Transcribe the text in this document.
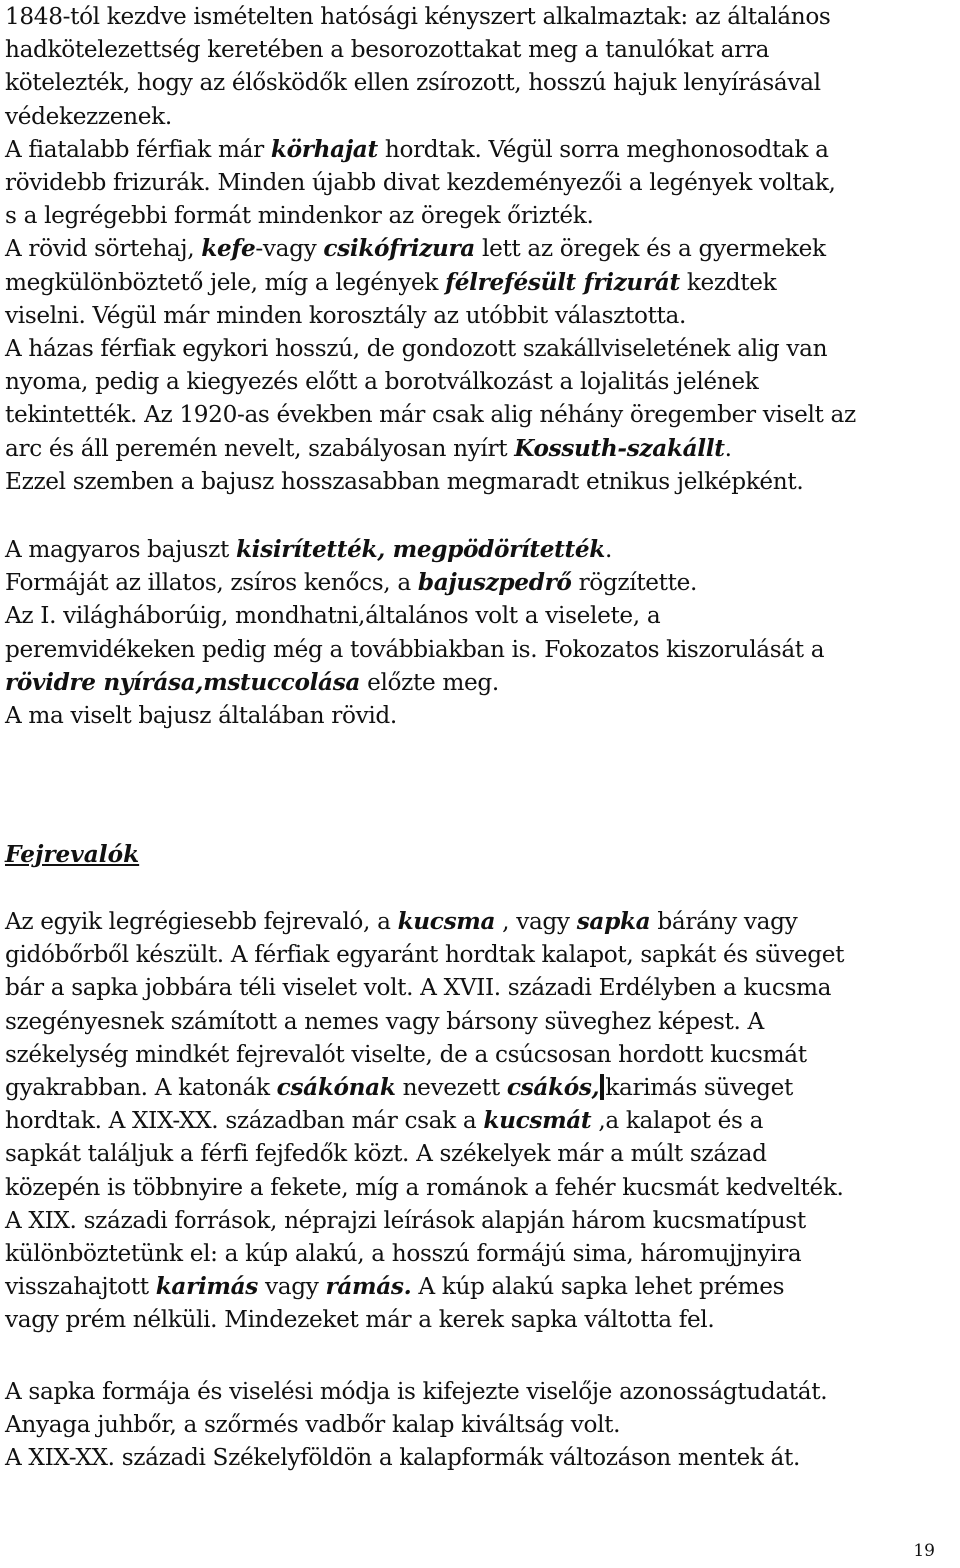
1848-tól kezdve ismételten hatósági kényszert alkalmaztak: az általános
hadkötelezettség keretében a besorozottakat meg a tanulókat arra
kötelezték, hogy az élősködők ellen zsírozott, hosszú hajuk lenyírásával
védekezzenek.
A fiatalabb férfiak már körhajat hordtak. Végül sorra meghonosodtak a
rövidebb frizurák. Minden újabb divat kezdeményezői a legények voltak,
s a legrégebbi formát mindenkor az öregek őrizték.
A rövid sörtehaj, kefe-vagy csikófrizura lett az öregek és a gyermekek
megkülönböztető jele, míg a legények félrefésült frizurát kezdtek
viselni. Végül már minden korosztály az utóbbit választotta.
A házas férfiak egykori hosszú, de gondozott szakállviseletének alig van
nyoma, pedig a kiegyezés előtt a borotválkozást a lojalitás jelének
tekintették. Az 1920-as években már csak alig néhány öregember viselt az
arc és áll peremén nevelt, szabályosan nyírt Kossuth-szakállt.
Ezzel szemben a bajusz hosszasabban megmaradt etnikus jelképként.
A magyaros bajuszt kisirítették, megpödörítették.
Formáját az illatos, zsíros kenőcs, a bajuszpedrő rögzítette.
Az I. világháborúig, mondhatni,általános volt a viselete, a
peremvidékeken pedig még a továbbiakban is. Fokozatos kiszorulását a
rövidre nyírása,mstuccolása előzte meg.
A ma viselt bajusz általában rövid.
Az egyik legrégiesebb fejrevaló, a kucsma , vagy sapka bárány vagy
gidóbőrből készült. A férfiak egyaránt hordtak kalapot, sapkát és süveget
bár a sapka jobbára téli viselet volt. A XVII. századi Erdélyben a kucsma
szegényesnek számított a nemes vagy bársony süveghez képest. A
székelység mindkét fejrevalót viselte, de a csúcsosan hordott kucsmát
gyakrabban. A katonák csákónak nevezett csákós, karimás süveget
hordtak. A XIX-XX. században már csak a kucsmát ,a kalapot és a
sapkát találjuk a férfi fejfedők közt. A székelyek már a múlt század
közepén is többnyire a fekete, míg a románok a fehér kucsmát kedvelték.
A XIX. századi források, néprajzi leírások alapján három kucsmatípust
különböztetünk el: a kúp alakú, a hosszú formájú sima, háromujjnyira
visszahajtott karimás vagy rámás. A kúp alakú sapka lehet prémes
vagy prém nélküli. Mindezeket már a kerek sapka váltotta fel.
A sapka formája és viselési módja is kifejezte viselője azonosságtudatát.
Anyaga juhbőr, a szőrmés vadbőr kalap kiváltság volt.
A XIX-XX. századi Székelyföldön a kalapformák változáson mentek át.
Fejrevalók
19
